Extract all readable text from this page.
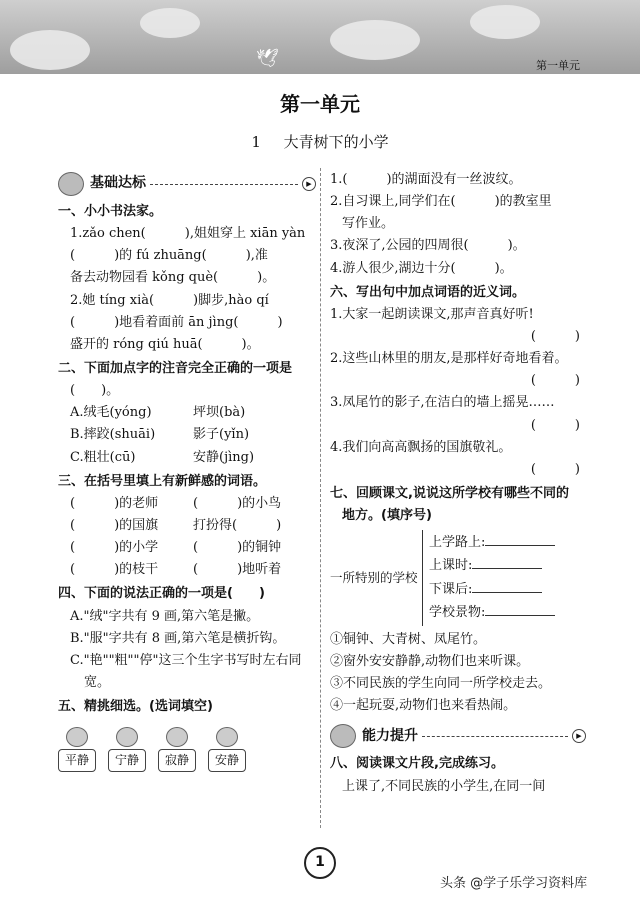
🕊	第一单元
第一单元
1 大青树下的小学
基础达标	▶
一、小小书法家。
1.zǎo chen(　　　),姐姐穿上 xiān yàn
(　　　)的 fú zhuāng(　　　),准
备去动物园看 kǒng què(　　　)。
2.她 tíng xià(　　　)脚步,hào qí
(　　　)地看着面前 ān jìng(　　　)
盛开的 róng qiú huā(　　　)。
二、下面加点字的注音完全正确的一项是
(　　)。
A.绒毛(yóng)	坪坝(bà)
B.摔跤(shuāi)	影子(yǐn)
C.粗壮(cū)	安静(jìng)
三、在括号里填上有新鲜感的词语。
(　　　)的老师	(　　　)的小鸟
(　　　)的国旗	打扮得(　　　)
(　　　)的小学	(　　　)的铜钟
(　　　)的枝干	(　　　)地听着
四、下面的说法正确的一项是(　　)
A."绒"字共有 9 画,第六笔是撇。
B."服"字共有 8 画,第六笔是横折钩。
C."艳""粗""停"这三个生字书写时左右同
宽。
五、精挑细选。(选词填空)
平静	宁静	寂静	安静
1.(　　　)的湖面没有一丝波纹。
2.自习课上,同学们在(　　　)的教室里
写作业。
3.夜深了,公园的四周很(　　　)。
4.游人很少,湖边十分(　　　)。
六、写出句中加点词语的近义词。
1.大家一起朗读课文,那声音真好听!
(　　　)
2.这些山林里的朋友,是那样好奇地看着。
(　　　)
3.凤尾竹的影子,在洁白的墙上摇晃……
(　　　)
4.我们向高高飘扬的国旗敬礼。
(　　　)
七、回顾课文,说说这所学校有哪些不同的
地方。(填序号)
一所特别的学校
上学路上:
上课时:
下课后:
学校景物:
①铜钟、大青树、凤尾竹。
②窗外安安静静,动物们也来听课。
③不同民族的学生向同一所学校走去。
④一起玩耍,动物们也来看热闹。
能力提升	▶
八、阅读课文片段,完成练习。
上课了,不同民族的小学生,在同一间
1
头条 @学子乐学习资料库
